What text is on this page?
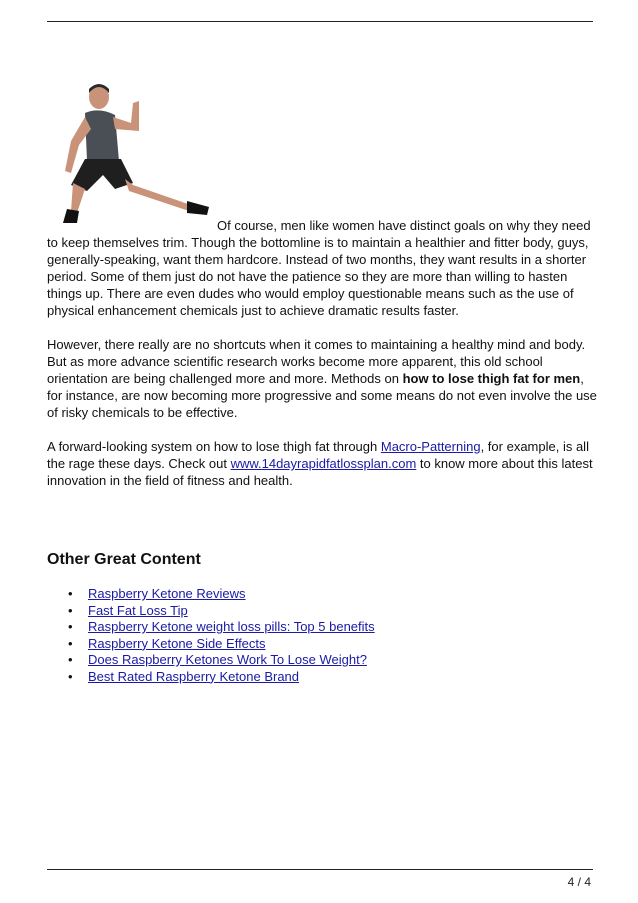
Of course, men like women have distinct goals on why they need to keep themselves trim. Though the bottomline is to maintain a healthier and fitter body, guys, generally-speaking, want them hardcore. Instead of two months, they want results in a shorter period. Some of them just do not have the patience so they are more than willing to hasten things up. There are even dudes who would employ questionable means such as the use of physical enhancement chemicals just to achieve dramatic results faster.

However, there really are no shortcuts when it comes to maintaining a healthy mind and body. But as more advance scientific research works become more apparent, this old school orientation are being challenged more and more. Methods on how to lose thigh fat for men, for instance, are now becoming more progressive and some means do not even involve the use of risky chemicals to be effective.

A forward-looking system on how to lose thigh fat through Macro-Patterning, for example, is all the rage these days. Check out www.14dayrapidfatlossplan.com to know more about this latest innovation in the field of fitness and health.

Other Great Content
• Raspberry Ketone Reviews
• Fast Fat Loss Tip
• Raspberry Ketone weight loss pills: Top 5 benefits
• Raspberry Ketone Side Effects
• Does Raspberry Ketones Work To Lose Weight?
• Best Rated Raspberry Ketone Brand
4 / 4
